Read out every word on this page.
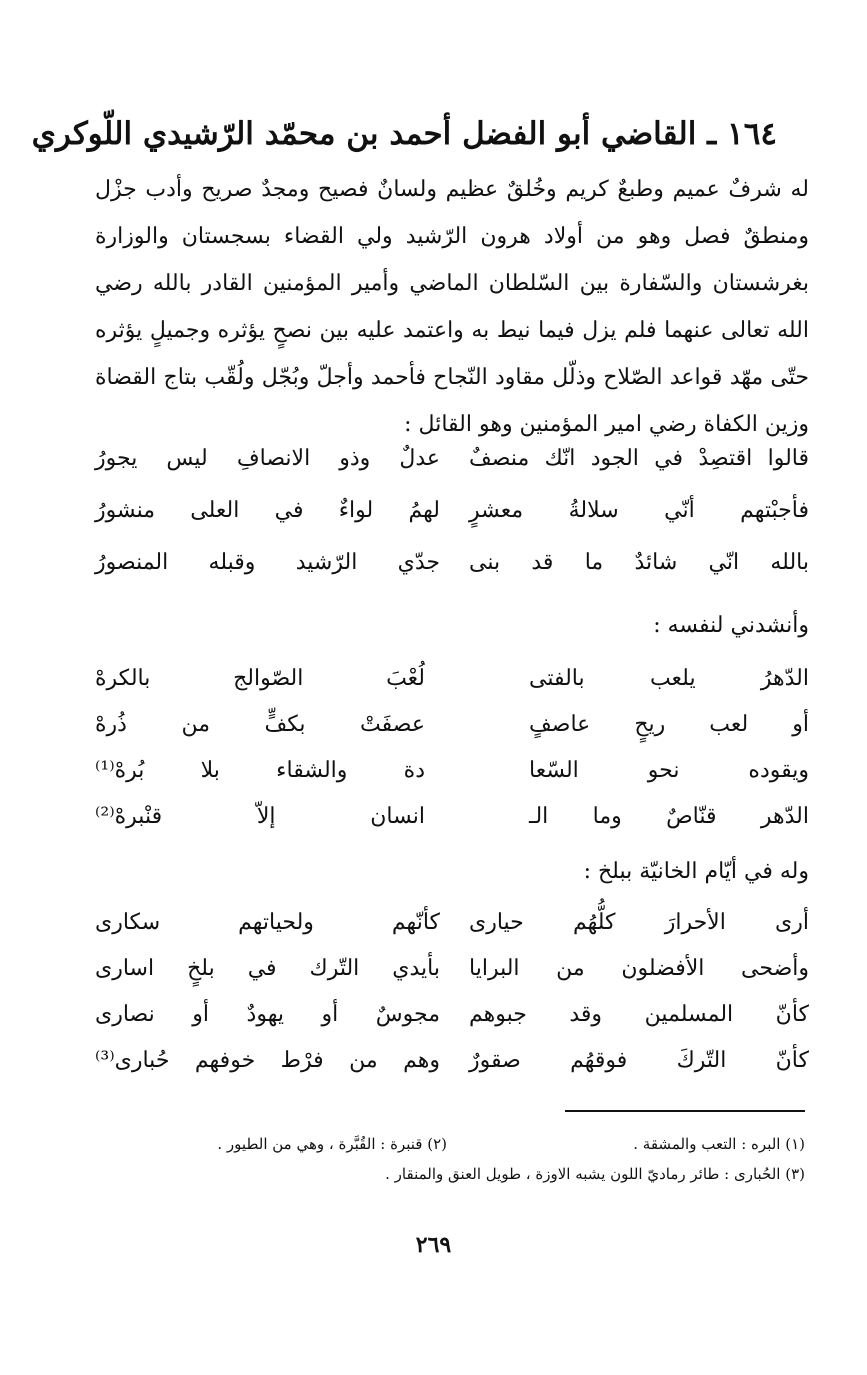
١٦٤ ـ القاضي أبو الفضل أحمد بن محمّد الرّشيدي اللّوكري
له شرفٌ عميم وطبعٌ كريم وخُلقٌ عظيم ولسانٌ فصيح ومجدٌ صريح وأدب جزْل ومنطقٌ فصل وهو من أولاد هرون الرّشيد ولي القضاء بسجستان والوزارة بغرشستان والسّفارة بين السّلطان الماضي وأمير المؤمنين القادر بالله رضي الله تعالى عنهما فلم يزل فيما نيط به واعتمد عليه بين نصحٍ يؤثره وجميلٍ يؤثره حتّى مهّد قواعد الصّلاح وذلّل مقاود النّجاح فأحمد وأجلّ وبُجّل ولُقّب بتاج القضاة وزين الكفاة رضي امير المؤمنين وهو القائل :
قالوا اقتصِدْ في الجود انّك منصفٌ
عدلٌ وذو الانصافِ ليس يجورُ
فأجبْتهم أنّي سلالةُ معشرٍ
لهمُ لواءٌ في العلى منشورُ
بالله انّي شائدٌ ما قد بنى
جدّي الرّشيد وقبله المنصورُ
وأنشدني لنفسه :
الدّهرُ يلعب بالفتى
لُعْبَ الصّوالج بالكرهْ
أو لعب ريحٍ عاصفٍ
عصفَتْ بكفٍّ من ذُرهْ
ويقوده نحو السّعا
دة والشقاء بلا بُرهْ⁽¹⁾
الدّهر قنّاصٌ وما الـ
انسان إلاّ قنْبرهْ⁽²⁾
وله في أيّام الخانيّة ببلخ :
أرى الأحرارَ كلُّهُم حيارى
كأنّهم ولحياتهم سكارى
وأضحى الأفضلون من البرايا
بأيدي التّرك في بلخٍ اسارى
كأنّ المسلمين وقد جبوهم
مجوسٌ أو يهودٌ أو نصارى
كأنّ التّركَ فوقهُم صقورٌ
وهم من فرْط خوفهم حُبارى⁽³⁾
(١) البره : التعب والمشقة .
(٢) قنبرة : القُبَّرة ، وهي من الطيور .
(٣) الحُبارى : طائر رماديّ اللون يشبه الاوزة ، طويل العنق والمنقار .
٢٦٩
